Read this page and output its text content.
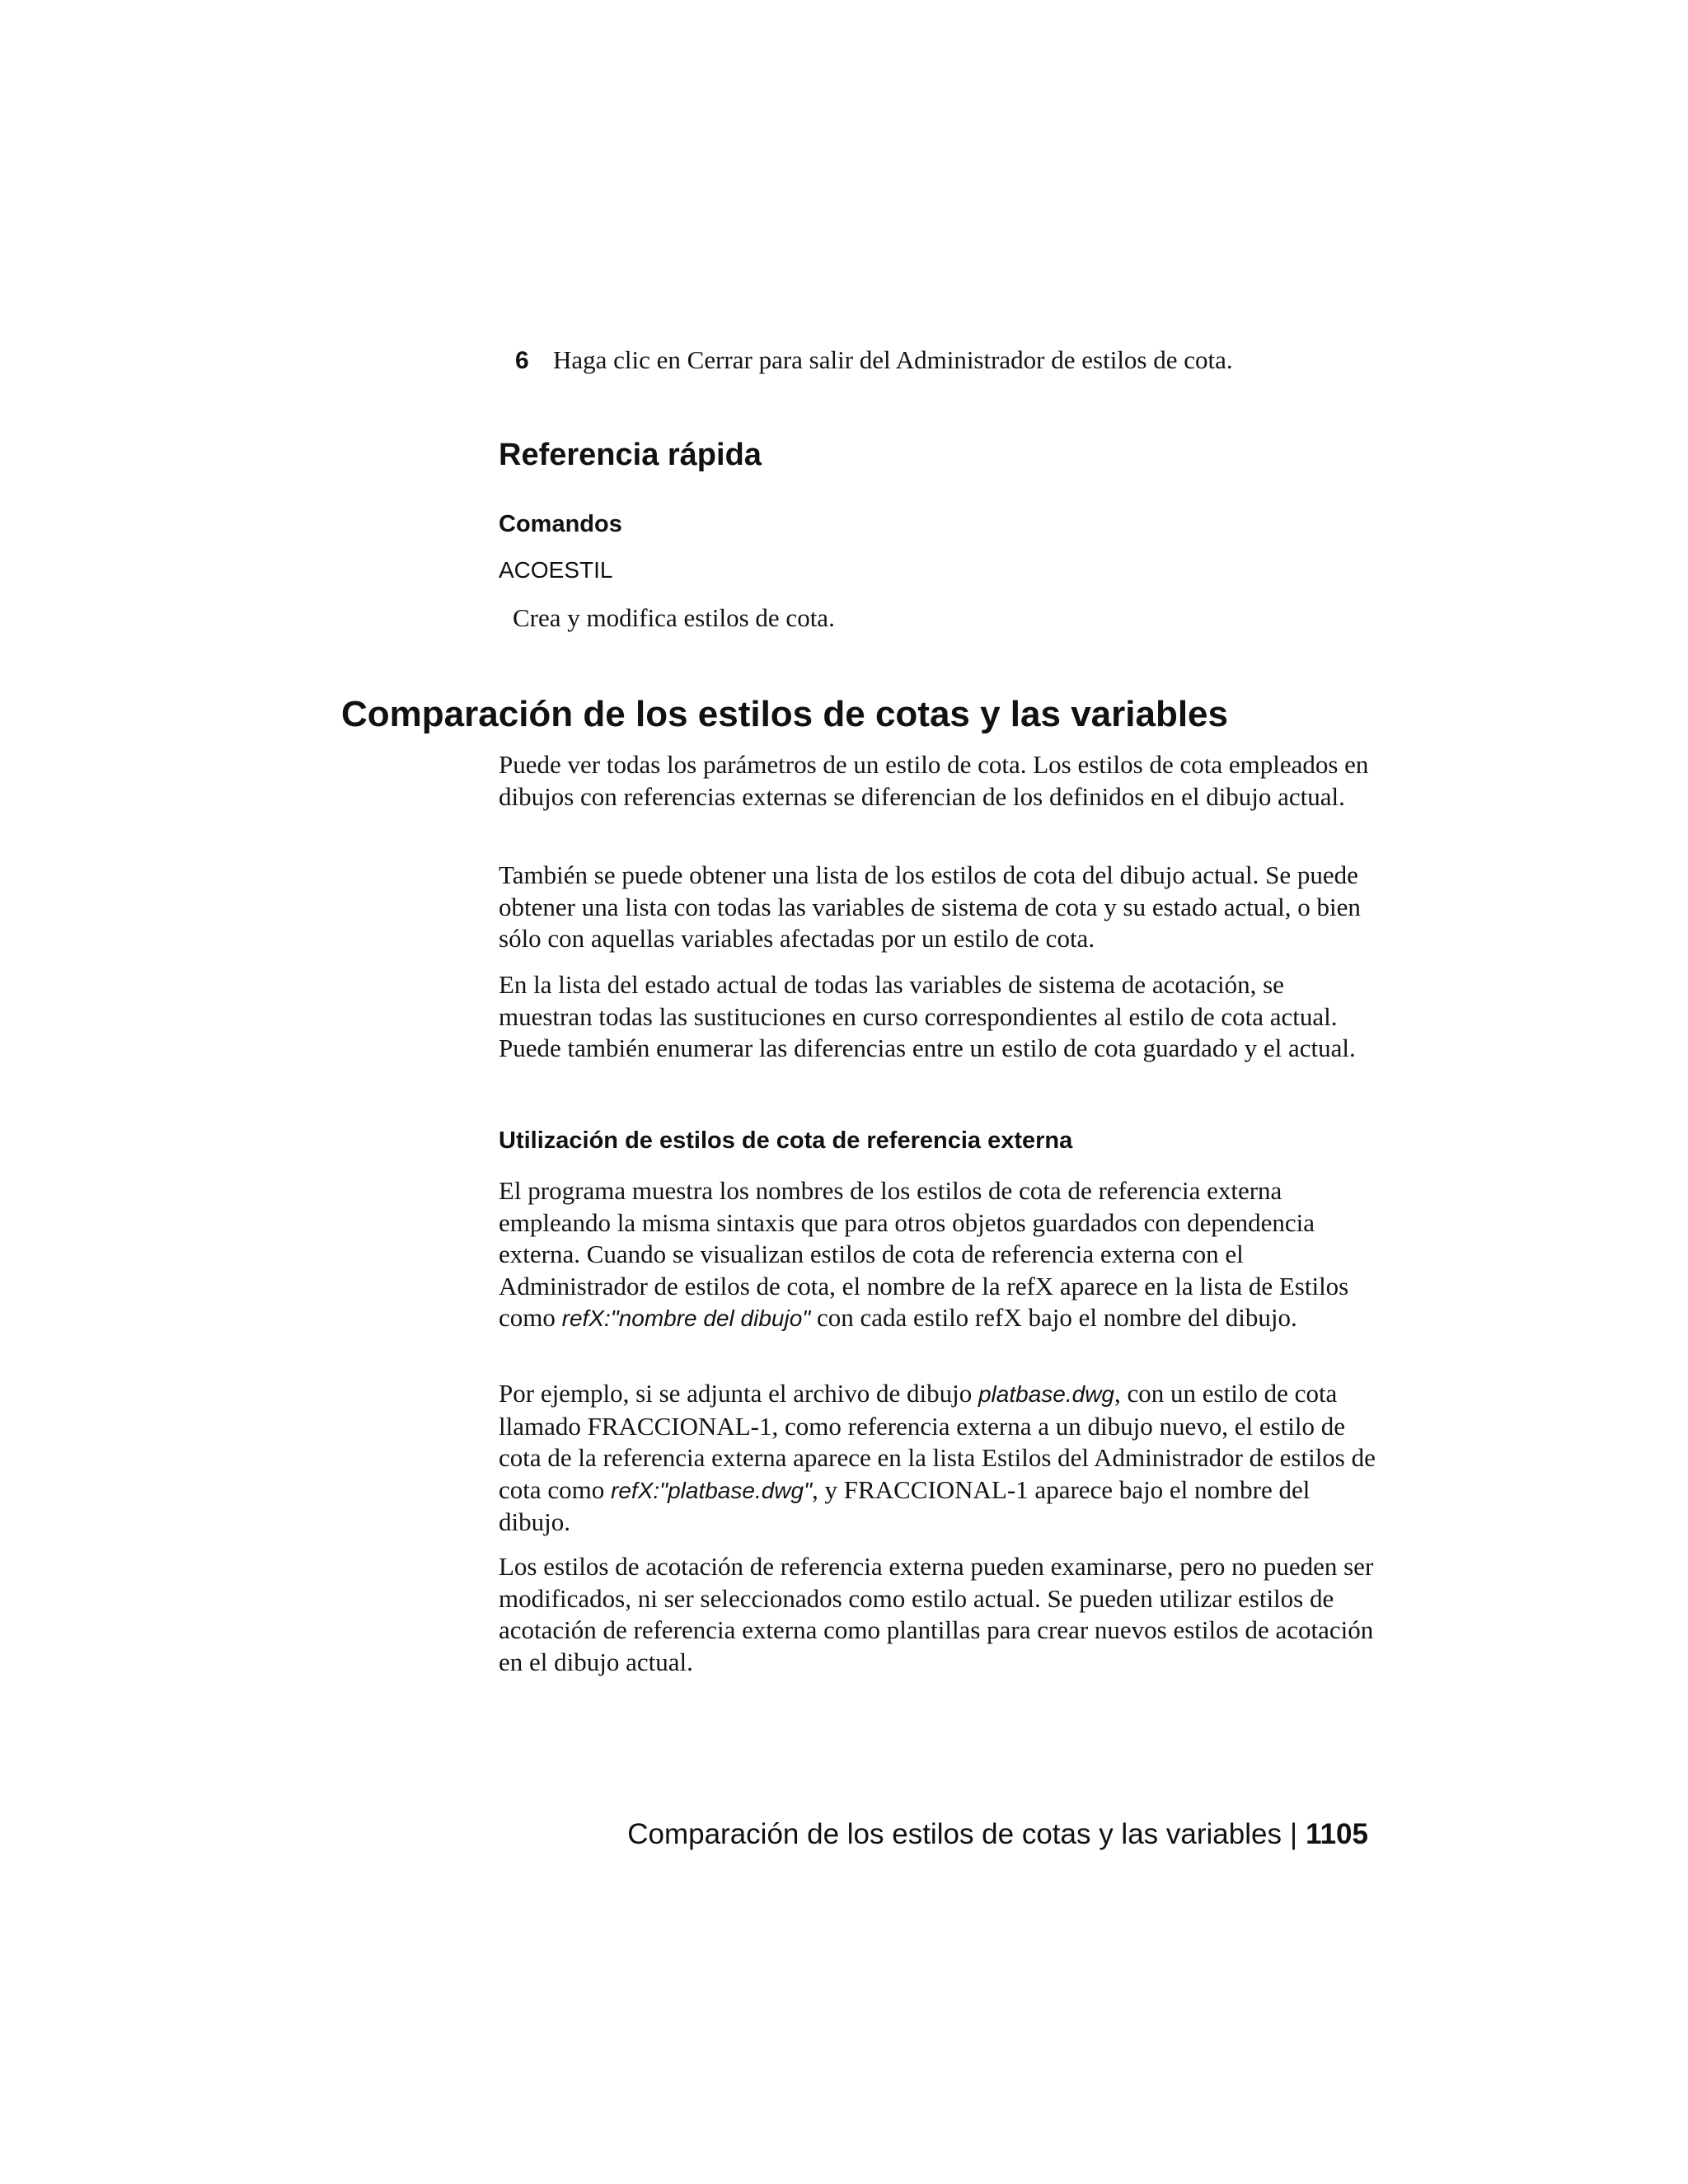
6 Haga clic en Cerrar para salir del Administrador de estilos de cota.
Referencia rápida
Comandos

ACOESTIL

Crea y modifica estilos de cota.

Comparación de los estilos de cotas y las variables

Puede ver todas los parámetros de un estilo de cota. Los estilos de cota empleados en dibujos con referencias externas se diferencian de los definidos en el dibujo actual.

También se puede obtener una lista de los estilos de cota del dibujo actual. Se puede obtener una lista con todas las variables de sistema de cota y su estado actual, o bien sólo con aquellas variables afectadas por un estilo de cota.

En la lista del estado actual de todas las variables de sistema de acotación, se muestran todas las sustituciones en curso correspondientes al estilo de cota actual. Puede también enumerar las diferencias entre un estilo de cota guardado y el actual.

Utilización de estilos de cota de referencia externa

El programa muestra los nombres de los estilos de cota de referencia externa empleando la misma sintaxis que para otros objetos guardados con dependencia externa. Cuando se visualizan estilos de cota de referencia externa con el Administrador de estilos de cota, el nombre de la refX aparece en la lista de Estilos como refX:"nombre del dibujo" con cada estilo refX bajo el nombre del dibujo.

Por ejemplo, si se adjunta el archivo de dibujo platbase.dwg, con un estilo de cota llamado FRACCIONAL-1, como referencia externa a un dibujo nuevo, el estilo de cota de la referencia externa aparece en la lista Estilos del Administrador de estilos de cota como refX:"platbase.dwg", y FRACCIONAL-1 aparece bajo el nombre del dibujo.

Los estilos de acotación de referencia externa pueden examinarse, pero no pueden ser modificados, ni ser seleccionados como estilo actual. Se pueden utilizar estilos de acotación de referencia externa como plantillas para crear nuevos estilos de acotación en el dibujo actual.

Comparación de los estilos de cotas y las variables | 1105
